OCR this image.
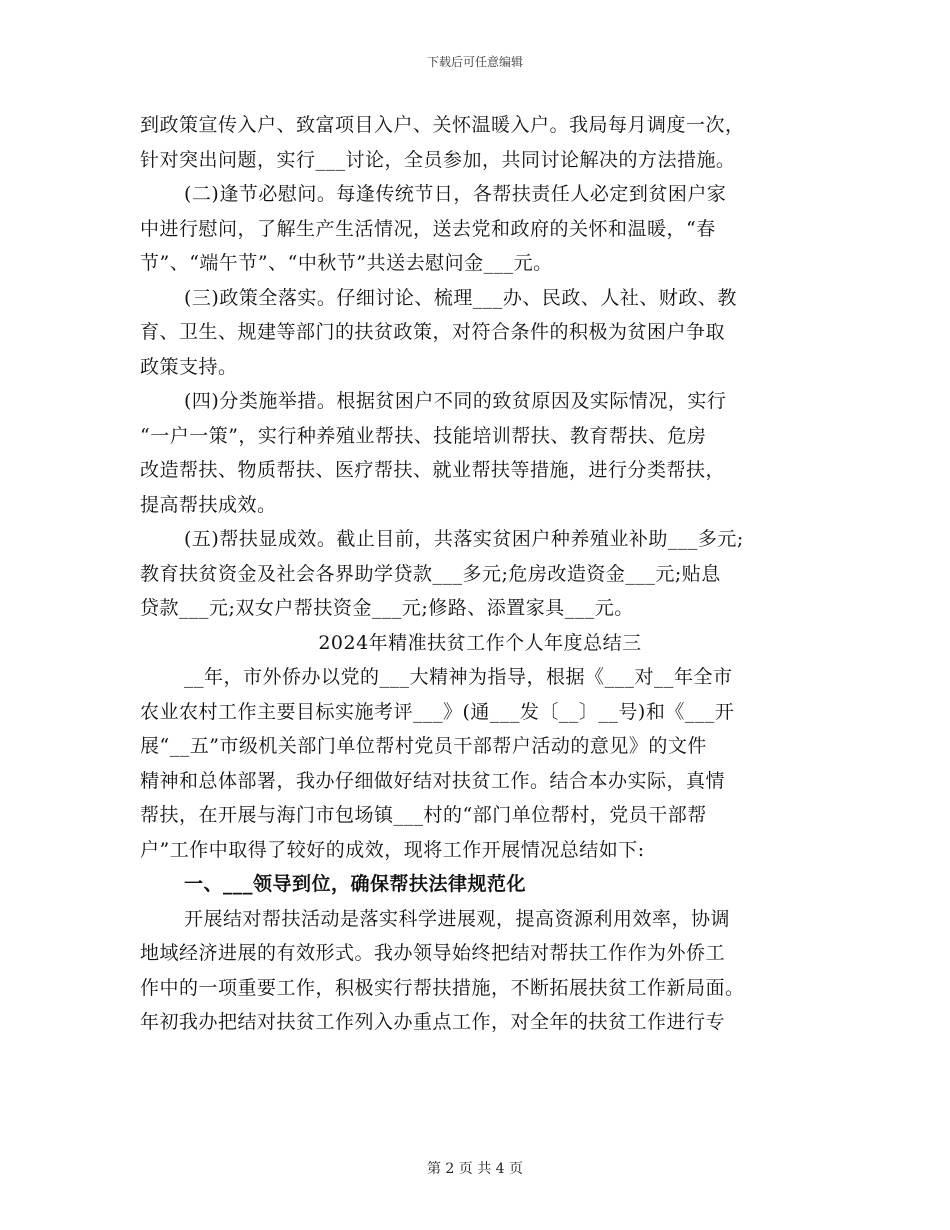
下载后可任意编辑
到政策宣传入户、致富项目入户、关怀温暖入户。我局每月调度一次，
针对突出问题，实行___讨论，全员参加，共同讨论解决的方法措施。
(二)逢节必慰问。每逢传统节日，各帮扶责任人必定到贫困户家
中进行慰问，了解生产生活情况，送去党和政府的关怀和温暖，“春
节”、“端午节”、“中秋节”共送去慰问金___元。
(三)政策全落实。仔细讨论、梳理___办、民政、人社、财政、教
育、卫生、规建等部门的扶贫政策，对符合条件的积极为贫困户争取
政策支持。
(四)分类施举措。根据贫困户不同的致贫原因及实际情况，实行
“一户一策”，实行种养殖业帮扶、技能培训帮扶、教育帮扶、危房
改造帮扶、物质帮扶、医疗帮扶、就业帮扶等措施，进行分类帮扶，
提高帮扶成效。
(五)帮扶显成效。截止目前，共落实贫困户种养殖业补助___多元;
教育扶贫资金及社会各界助学贷款___多元;危房改造资金___元;贴息
贷款___元;双女户帮扶资金___元;修路、添置家具___元。
2024年精准扶贫工作个人年度总结三
__年，市外侨办以党的___大精神为指导，根据《___对__年全市
农业农村工作主要目标实施考评___》(通___发〔__〕__号)和《___开
展“__五”市级机关部门单位帮村党员干部帮户活动的意见》的文件
精神和总体部署，我办仔细做好结对扶贫工作。结合本办实际，真情
帮扶，在开展与海门市包场镇___村的“部门单位帮村，党员干部帮
户”工作中取得了较好的成效，现将工作开展情况总结如下:
一、___领导到位，确保帮扶法律规范化
开展结对帮扶活动是落实科学进展观，提高资源利用效率，协调
地域经济进展的有效形式。我办领导始终把结对帮扶工作作为外侨工
作中的一项重要工作，积极实行帮扶措施，不断拓展扶贫工作新局面。
年初我办把结对扶贫工作列入办重点工作，对全年的扶贫工作进行专
第 2 页 共 4 页
